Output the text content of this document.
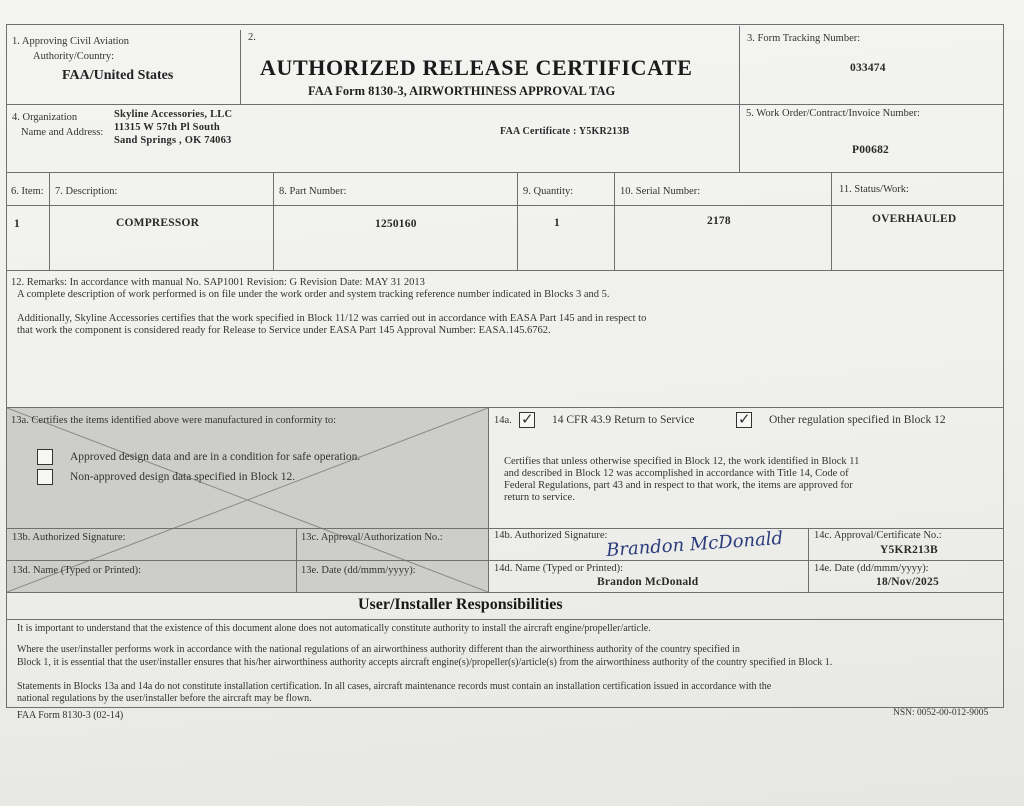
1. Approving Civil Aviation
Authority/Country:
FAA/United States
2.
AUTHORIZED RELEASE CERTIFICATE
FAA Form 8130-3, AIRWORTHINESS APPROVAL TAG
3. Form Tracking Number:
033474
4. Organization
Name and Address:
Skyline Accessories, LLC
11315 W 57th Pl South
Sand Springs , OK 74063
FAA Certificate : Y5KR213B
5. Work Order/Contract/Invoice Number:
P00682
6. Item: 7. Description:	8. Part Number:	9. Quantity:	10. Serial Number:	11. Status/Work:
1	COMPRESSOR	1250160	1	2178	OVERHAULED
12. Remarks: In accordance with manual No. SAP1001 Revision: G Revision Date: MAY 31 2013
A complete description of work performed is on file under the work order and system tracking reference number indicated in Blocks 3 and 5.
Additionally, Skyline Accessories certifies that the work specified in Block 11/12 was carried out in accordance with EASA Part 145 and in respect to
that work the component is considered ready for Release to Service under EASA Part 145 Approval Number: EASA.145.6762.
13a. Certifies the items identified above were manufactured in conformity to:
Approved design data and are in a condition for safe operation.
Non-approved design data specified in Block 12.
13b. Authorized Signature:	13c. Approval/Authorization No.:
13d. Name (Typed or Printed):	13e. Date (dd/mmm/yyyy):
14a. ✓	14 CFR 43.9 Return to Service ✓	Other regulation specified in Block 12
Certifies that unless otherwise specified in Block 12, the work identified in Block 11
and described in Block 12 was accomplished in accordance with Title 14, Code of
Federal Regulations, part 43 and in respect to that work, the items are approved for
return to service.
14b. Authorized Signature:
Brandon McDonald	14c. Approval/Certificate No.:
Y5KR213B
14d. Name (Typed or Printed):
Brandon McDonald
14e. Date (dd/mmm/yyyy):
18/Nov/2025
User/Installer Responsibilities
It is important to understand that the existence of this document alone does not automatically constitute authority to install the aircraft engine/propeller/article.
Where the user/installer performs work in accordance with the national regulations of an airworthiness authority different than the airworthiness authority of the country specified in
Block 1, it is essential that the user/installer ensures that his/her airworthiness authority accepts aircraft engine(s)/propeller(s)/article(s) from the airworthiness authority of the country specified in Block 1.
Statements in Blocks 13a and 14a do not constitute installation certification. In all cases, aircraft maintenance records must contain an installation certification issued in accordance with the
national regulations by the user/installer before the aircraft may be flown.
FAA Form 8130-3 (02-14)	NSN: 0052-00-012-9005
